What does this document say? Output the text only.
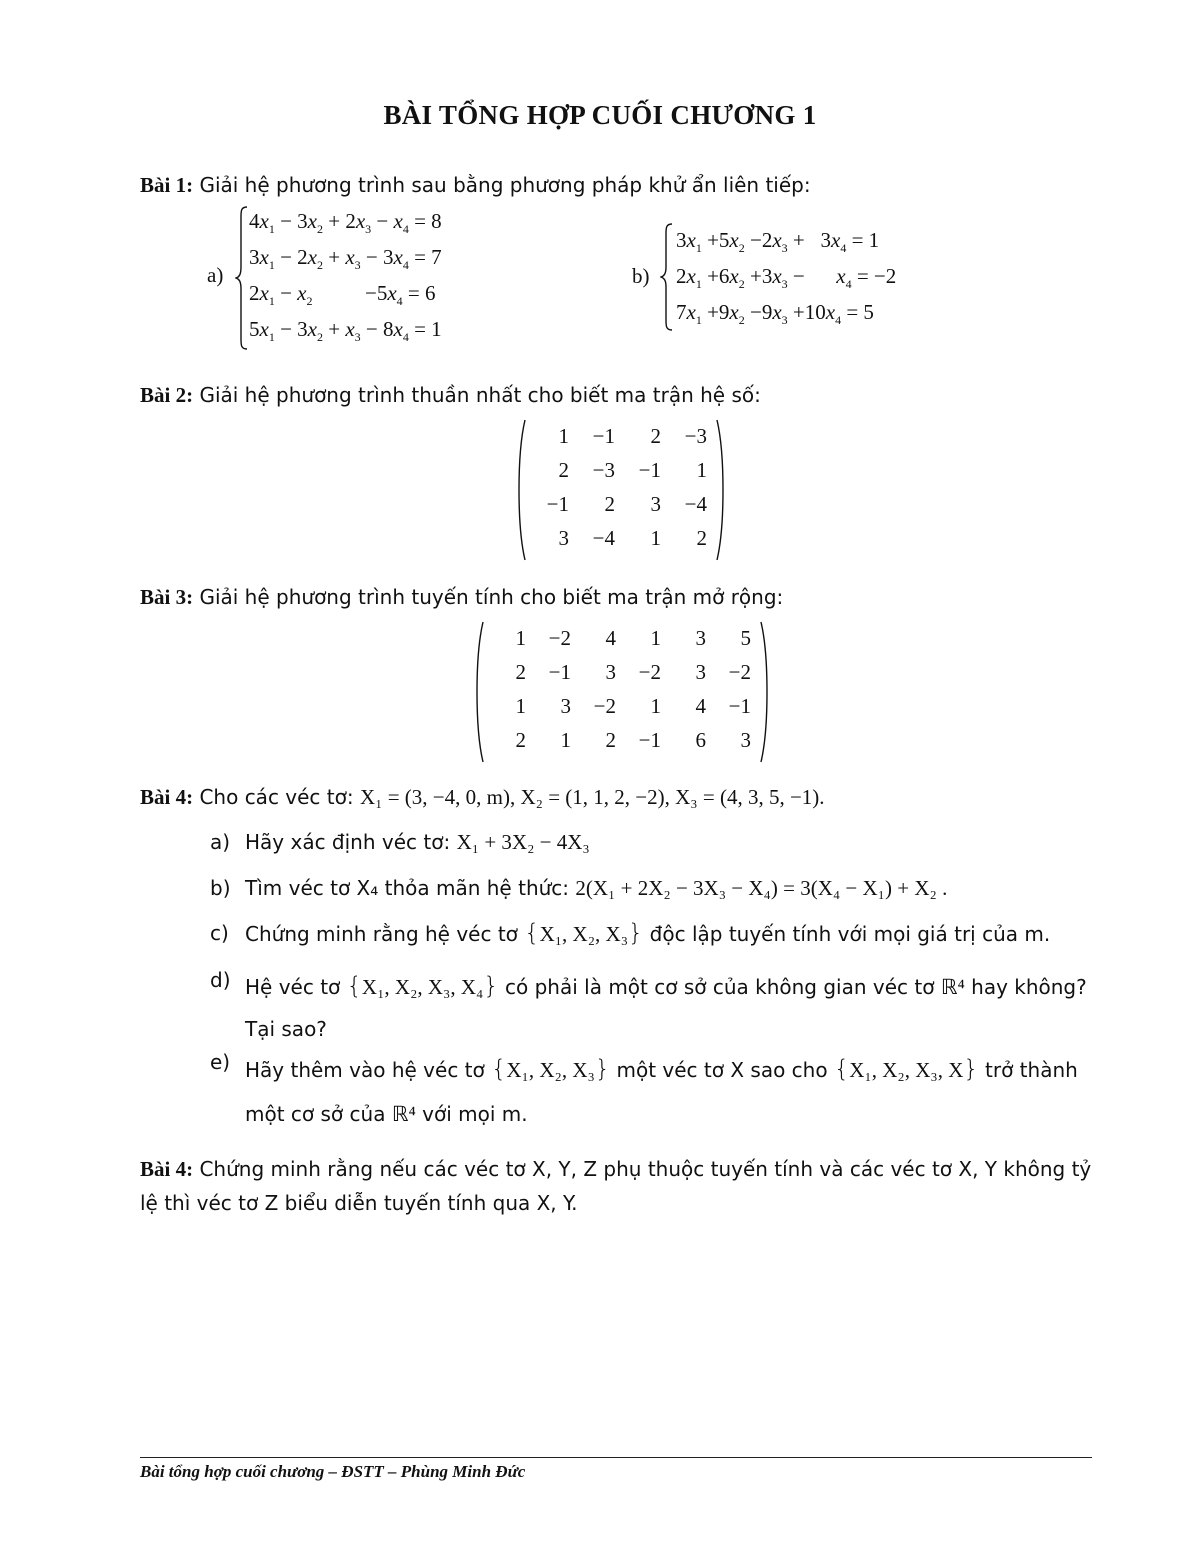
BÀI TỔNG HỢP CUỐI CHƯƠNG 1
Bài 1: Giải hệ phương trình sau bằng phương pháp khử ẩn liên tiếp:
a)
$4x_1 - 3x_2 + 2x_3 - x_4 = 8$
$3x_1 - 2x_2 + x_3 - 3x_4 = 7$
$2x_1 - x_2$          $-5x_4 = 6$
$5x_1 - 3x_2 + x_3 - 8x_4 = 1$
b)
$3x_1 +5x_2 -2x_3 + 3x_4 = 1$
$2x_1 +6x_2 +3x_3$ −      $x_4 = -2$
$7x_1 +9x_2 -9x_3 +10x_4 = 5$
Bài 2: Giải hệ phương trình thuần nhất cho biết ma trận hệ số:
1	−1	2	−3
2	−3	−1	1
−1	2	3	−4
3	−4	1	2
Bài 3: Giải hệ phương trình tuyến tính cho biết ma trận mở rộng:
1	−2	4	1	3	5
2	−1	3	−2	3	−2
1	3	−2	1	4	−1
2	1	2	−1	6	3
Bài 4: Cho các véc tơ: X₁ = (3, −4, 0, m), X₂ = (1, 1, 2, −2), X₃ = (4, 3, 5, −1).
a) Hãy xác định véc tơ: X₁ + 3X₂ − 4X₃
b) Tìm véc tơ X₄ thỏa mãn hệ thức: 2(X₁ + 2X₂ − 3X₃ − X₄) = 3(X₄ − X₁) + X₂ .
c) Chứng minh rằng hệ véc tơ {X₁, X₂, X₃} độc lập tuyến tính với mọi giá trị của m.
d) Hệ véc tơ {X₁, X₂, X₃, X₄} có phải là một cơ sở của không gian véc tơ ℝ⁴ hay không?
Tại sao?
e) Hãy thêm vào hệ véc tơ {X₁, X₂, X₃} một véc tơ X sao cho {X₁, X₂, X₃, X} trở thành
một cơ sở của ℝ⁴ với mọi m.
Bài 4: Chứng minh rằng nếu các véc tơ X, Y, Z phụ thuộc tuyến tính và các véc tơ X, Y không tỷ lệ thì véc tơ Z biểu diễn tuyến tính qua X, Y.
Bài tổng hợp cuối chương – ĐSTT – Phùng Minh Đức
